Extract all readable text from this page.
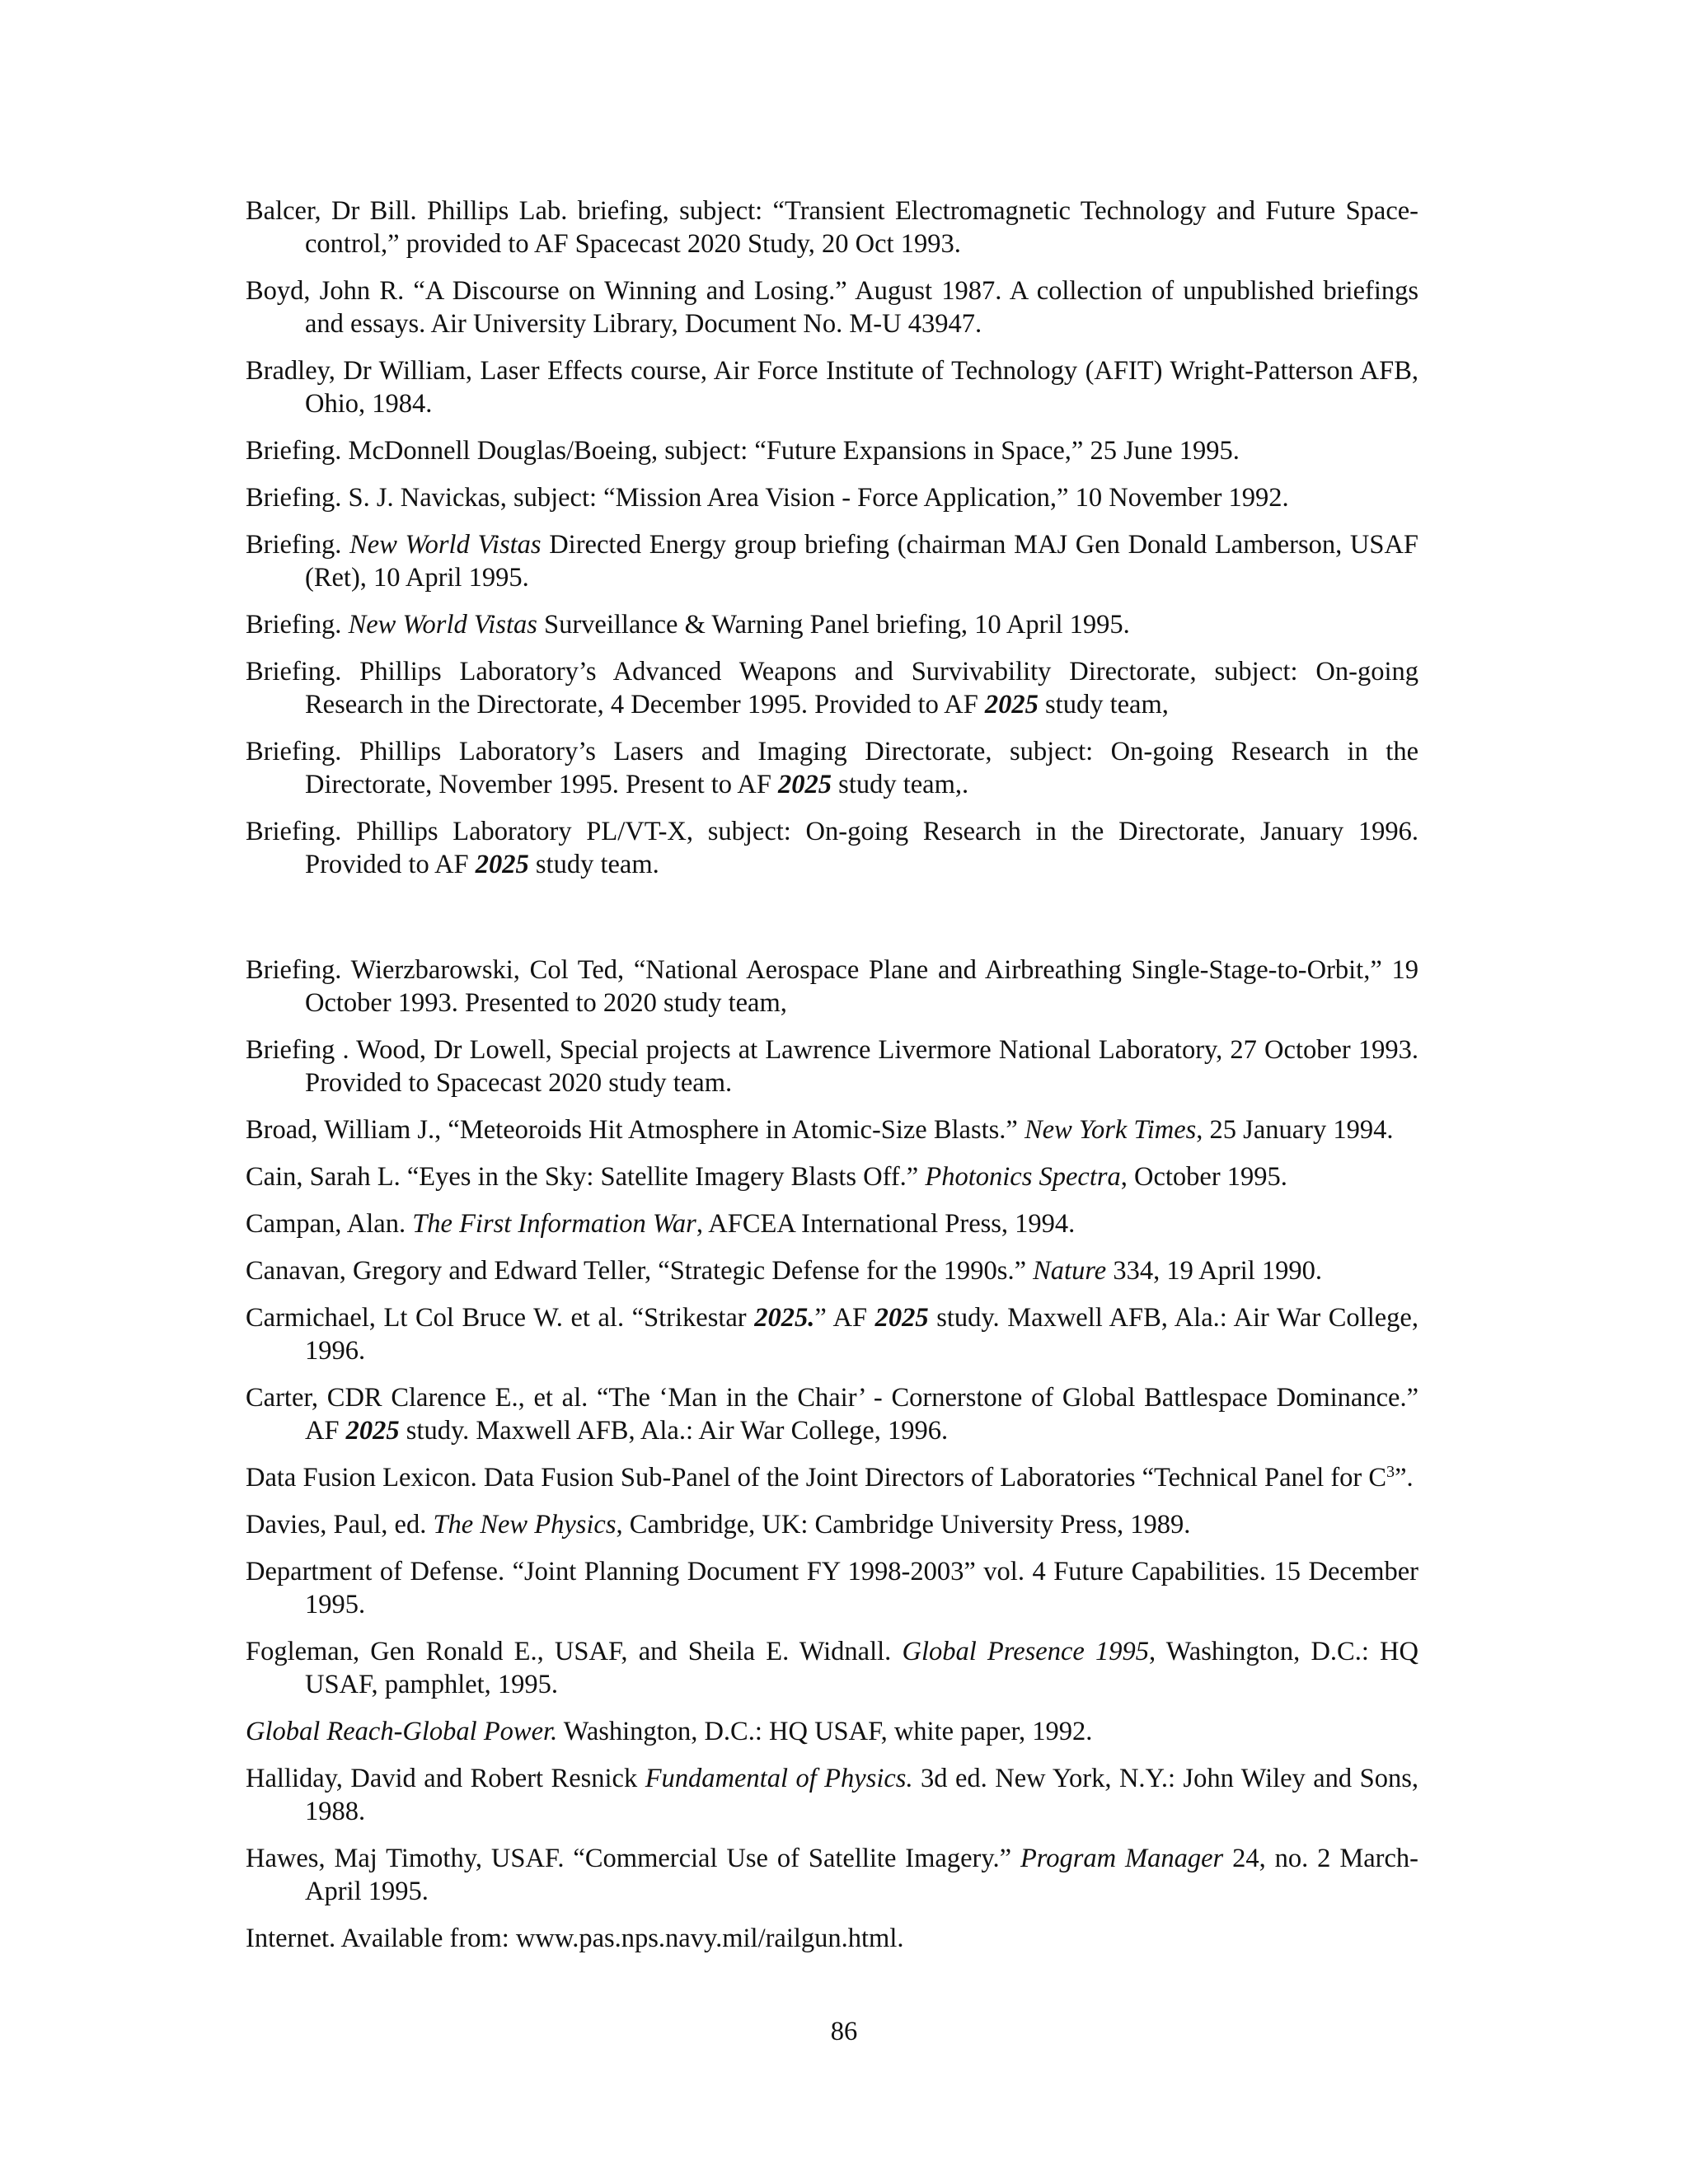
Balcer, Dr Bill. Phillips Lab. briefing, subject: “Transient Electromagnetic Technology and Future Space-control,” provided to AF Spacecast 2020 Study, 20 Oct 1993.

Boyd, John R. “A Discourse on Winning and Losing.” August 1987. A collection of unpublished briefings and essays. Air University Library, Document No. M-U 43947.

Bradley, Dr William, Laser Effects course, Air Force Institute of Technology (AFIT) Wright-Patterson AFB, Ohio, 1984.

Briefing. McDonnell Douglas/Boeing, subject: “Future Expansions in Space,” 25 June 1995.

Briefing. S. J. Navickas, subject: “Mission Area Vision - Force Application,” 10 November 1992.

Briefing. New World Vistas Directed Energy group briefing (chairman MAJ Gen Donald Lamberson, USAF (Ret), 10 April 1995.

Briefing. New World Vistas Surveillance & Warning Panel briefing, 10 April 1995.

Briefing. Phillips Laboratory’s Advanced Weapons and Survivability Directorate, subject: On-going Research in the Directorate, 4 December 1995. Provided to AF 2025 study team,

Briefing. Phillips Laboratory’s Lasers and Imaging Directorate, subject: On-going Research in the Directorate, November 1995. Present to AF 2025 study team,.

Briefing. Phillips Laboratory PL/VT-X, subject: On-going Research in the Directorate, January 1996. Provided to AF 2025 study team.

Briefing. Wierzbarowski, Col Ted, “National Aerospace Plane and Airbreathing Single-Stage-to-Orbit,” 19 October 1993. Presented to 2020 study team,

Briefing . Wood, Dr Lowell, Special projects at Lawrence Livermore National Laboratory, 27 October 1993. Provided to Spacecast 2020 study team.

Broad, William J., “Meteoroids Hit Atmosphere in Atomic-Size Blasts.” New York Times, 25 January 1994.

Cain, Sarah L. “Eyes in the Sky: Satellite Imagery Blasts Off.” Photonics Spectra, October 1995.

Campan, Alan. The First Information War, AFCEA International Press, 1994.

Canavan, Gregory and Edward Teller, “Strategic Defense for the 1990s.” Nature 334, 19 April 1990.

Carmichael, Lt Col Bruce W. et al. “Strikestar 2025.” AF 2025 study. Maxwell AFB, Ala.: Air War College, 1996.

Carter, CDR Clarence E., et al. “The ‘Man in the Chair’ - Cornerstone of Global Battlespace Dominance.” AF 2025 study. Maxwell AFB, Ala.: Air War College, 1996.

Data Fusion Lexicon. Data Fusion Sub-Panel of the Joint Directors of Laboratories “Technical Panel for $C^3$”.

Davies, Paul, ed. The New Physics, Cambridge, UK: Cambridge University Press, 1989.

Department of Defense. “Joint Planning Document FY 1998-2003” vol. 4 Future Capabilities. 15 December 1995.

Fogleman, Gen Ronald E., USAF, and Sheila E. Widnall. Global Presence 1995, Washington, D.C.: HQ USAF, pamphlet, 1995.

Global Reach-Global Power. Washington, D.C.: HQ USAF, white paper, 1992.

Halliday, David and Robert Resnick Fundamental of Physics. 3d ed. New York, N.Y.: John Wiley and Sons, 1988.

Hawes, Maj Timothy, USAF. “Commercial Use of Satellite Imagery.” Program Manager 24, no. 2 March-April 1995.

Internet. Available from: www.pas.nps.navy.mil/railgun.html.

86
